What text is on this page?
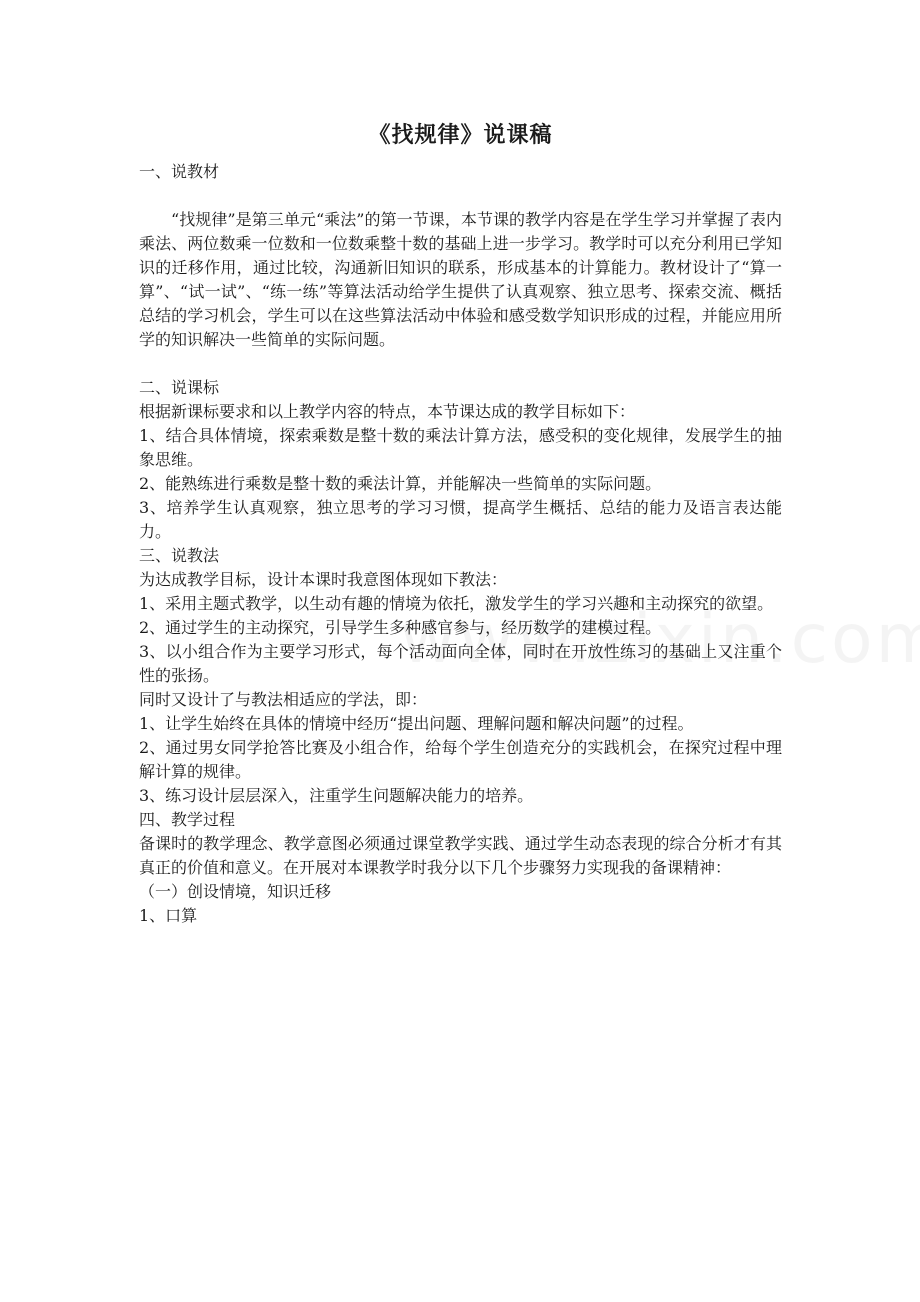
《找规律》说课稿

一、说教材

“找规律”是第三单元“乘法”的第一节课，本节课的教学内容是在学生学习并掌握了表内乘法、两位数乘一位数和一位数乘整十数的基础上进一步学习。教学时可以充分利用已学知识的迁移作用，通过比较，沟通新旧知识的联系，形成基本的计算能力。教材设计了“算一算”、“试一试”、“练一练”等算法活动给学生提供了认真观察、独立思考、探索交流、概括总结的学习机会，学生可以在这些算法活动中体验和感受数学知识形成的过程，并能应用所学的知识解决一些简单的实际问题。

二、说课标

根据新课标要求和以上教学内容的特点，本节课达成的教学目标如下：

1、结合具体情境，探索乘数是整十数的乘法计算方法，感受积的变化规律，发展学生的抽象思维。

2、能熟练进行乘数是整十数的乘法计算，并能解决一些简单的实际问题。

3、培养学生认真观察，独立思考的学习习惯，提高学生概括、总结的能力及语言表达能力。

三、说教法

为达成教学目标，设计本课时我意图体现如下教法：

1、采用主题式教学，以生动有趣的情境为依托，激发学生的学习兴趣和主动探究的欲望。

2、通过学生的主动探究，引导学生多种感官参与，经历数学的建模过程。

3、以小组合作为主要学习形式，每个活动面向全体，同时在开放性练习的基础上又注重个性的张扬。

同时又设计了与教法相适应的学法，即：

1、让学生始终在具体的情境中经历“提出问题、理解问题和解决问题”的过程。

2、通过男女同学抢答比赛及小组合作，给每个学生创造充分的实践机会，在探究过程中理解计算的规律。

3、练习设计层层深入，注重学生问题解决能力的培养。

四、教学过程

备课时的教学理念、教学意图必须通过课堂教学实践、通过学生动态表现的综合分析才有其真正的价值和意义。在开展对本课教学时我分以下几个步骤努力实现我的备课精神：

（一）创设情境，知识迁移

1、口算
